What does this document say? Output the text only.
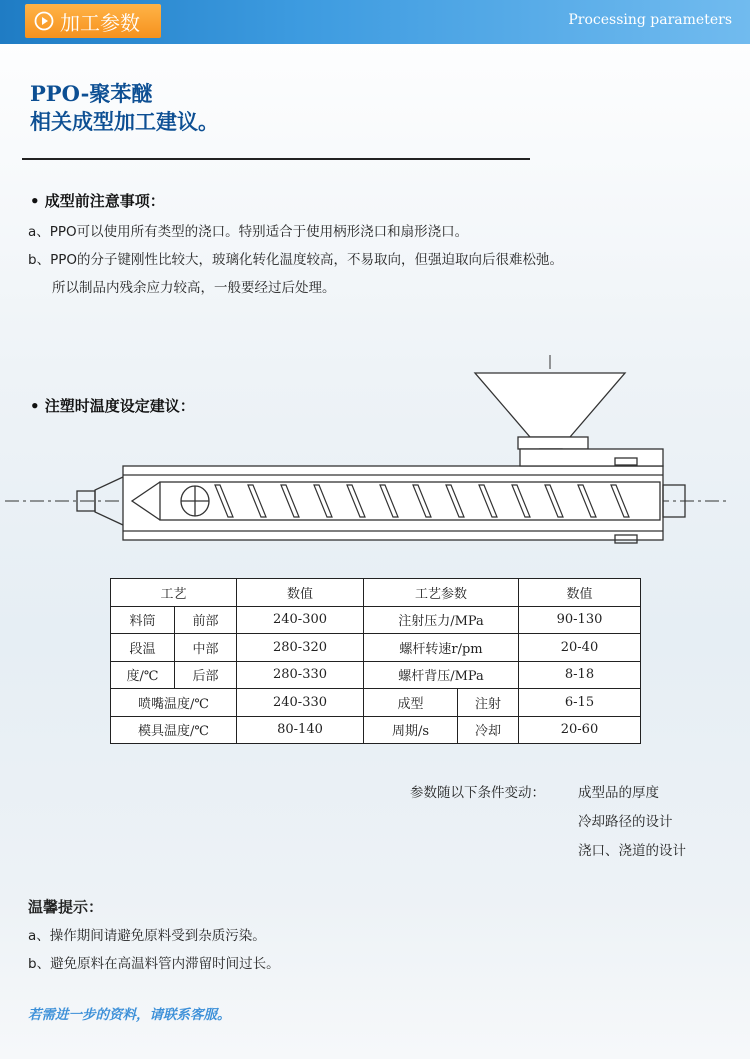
加工参数	Processing parameters
PPO-聚苯醚
相关成型加工建议。
• 成型前注意事项：
a、PPO可以使用所有类型的浇口。特别适合于使用柄形浇口和扇形浇口。
b、PPO的分子键刚性比较大，玻璃化转化温度较高，不易取向，但强迫取向后很难松弛。
所以制品内残余应力较高，一般要经过后处理。
• 注塑时温度设定建议：
工艺		数值	工艺参数		数值
料筒	前部	240-300	注射压力/MPa		90-130
段温	中部	280-320	螺杆转速r/pm		20-40
度/℃	后部	280-330	螺杆背压/MPa		8-18
喷嘴温度/℃		240-330	成型	注射	6-15
模具温度/℃		80-140	周期/s	冷却	20-60
参数随以下条件变动： 成型品的厚度
冷却路径的设计
浇口、浇道的设计
温馨提示：
a、操作期间请避免原料受到杂质污染。
b、避免原料在高温料管内滞留时间过长。
若需进一步的资料，请联系客服。
